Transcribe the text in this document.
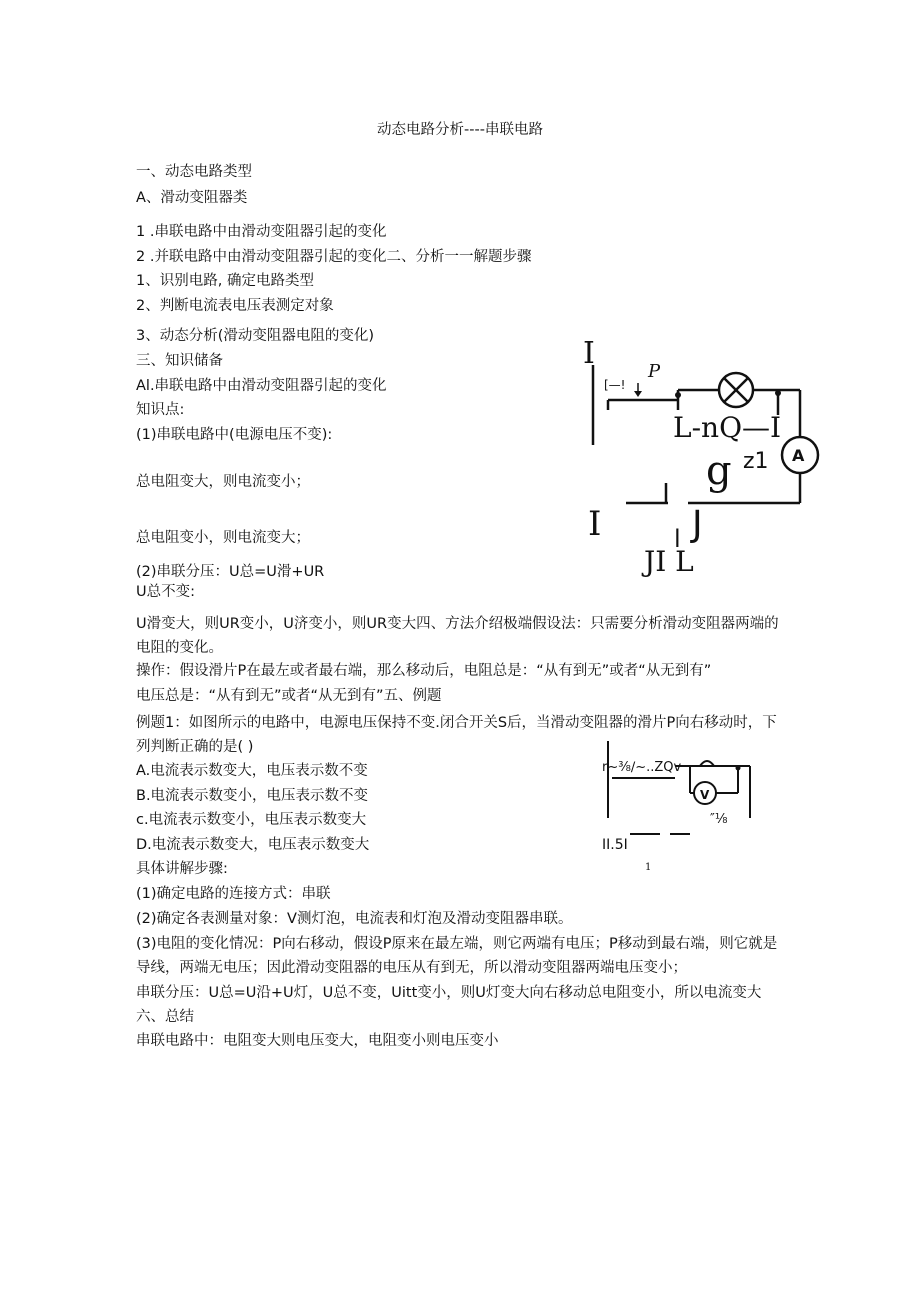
动态电路分析----串联电路
一、动态电路类型
A、滑动变阻器类
1 .串联电路中由滑动变阻器引起的变化
2 .并联电路中由滑动变阻器引起的变化二、分析一一解题步骤
1、识别电路, 确定电路类型
2、判断电流表电压表测定对象
3、动态分析(滑动变阻器电阻的变化)
三、知识储备
Al.串联电路中由滑动变阻器引起的变化
知识点:
(1)串联电路中(电源电压不变):
总电阻变大，则电流变小；
总电阻变小，则电流变大；
(2)串联分压：U总=U滑+UR
U总不变:
U滑变大，则UR变小，U济变小，则UR变大四、方法介绍极端假设法：只需要分析滑动变阻器两端的电阻的变化。
操作：假设滑片P在最左或者最右端，那么移动后，电阻总是：“从有到无”或者“从无到有”
电压总是：“从有到无”或者“从无到有”五、例题
例题1：如图所示的电路中，电源电压保持不变.闭合开关S后，当滑动变阻器的滑片P向右移动时，下列判断正确的是( )
A.电流表示数变大，电压表示数不变
B.电流表示数变小，电压表示数不变
c.电流表示数变小，电压表示数变大
D.电流表示数变大，电压表示数变大
具体讲解步骤:
(1)确定电路的连接方式：串联
(2)确定各表测量对象：V测灯泡，电流表和灯泡及滑动变阻器串联。
(3)电阻的变化情况：P向右移动，假设P原来在最左端，则它两端有电压；P移动到最右端，则它就是导线，两端无电压；因此滑动变阻器的电压从有到无，所以滑动变阻器两端电压变小；
串联分压：U总=U沿+U灯，U总不变，Uitt变小，则U灯变大向右移动总电阻变小，所以电流变大六、总结
串联电路中：电阻变大则电压变大，电阻变小则电压变小
I
[—!
P
L-nQ—I
g z1 A
I	l J
JI L
r~⅜∕~..ZQv
V
″⅛
II.5I
1
